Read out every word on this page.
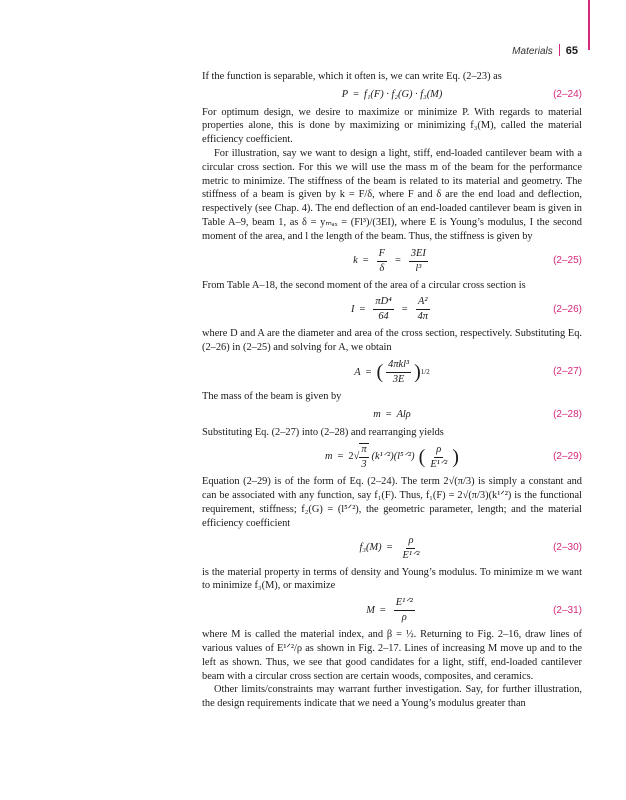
Materials 65

If the function is separable, which it often is, we can write Eq. (2–23) as

P = f₁(F) · f₂(G) · f₃(M)	(2–24)

For optimum design, we desire to maximize or minimize P. With regards to material properties alone, this is done by maximizing or minimizing f₃(M), called the material efficiency coefficient.

For illustration, say we want to design a light, stiff, end-loaded cantilever beam with a circular cross section. For this we will use the mass m of the beam for the performance metric to minimize. The stiffness of the beam is related to its material and geometry. The stiffness of a beam is given by k = F/δ, where F and δ are the end load and deflection, respectively (see Chap. 4). The end deflection of an end-loaded cantilever beam is given in Table A–9, beam 1, as δ = yₘₐₓ = (Fl³)/(3EI), where E is Young’s modulus, I the second moment of the area, and l the length of the beam. Thus, the stiffness is given by

$k = \frac{F}{\delta} = \frac{3EI}{\text{l³}}$	(2–25)

From Table A–18, the second moment of the area of a circular cross section is

$I = \frac{\text{πD⁴}}{64} = \frac{\text{A²}}{4\pi}$	(2–26)

where D and A are the diameter and area of the cross section, respectively. Substituting Eq. (2–26) in (2–25) and solving for A, we obtain

A = ( $\frac{\text{4πkl³}}{3E}$ ) 1/2	(2–27)

The mass of the beam is given by

m = Alρ	(2–28)

Substituting Eq. (2–27) into (2–28) and rearranging yields

$m = 2√ \frac{\pi}{3}$ (k¹ᐟ²)(l⁵ᐟ²) ( $\frac{\rho}{\text{E¹ᐟ²}}$ )	(2–29)

Equation (2–29) is of the form of Eq. (2–24). The term 2√(π/3) is simply a constant and can be associated with any function, say f₁(F). Thus, f₁(F) = 2√(π/3)(k¹ᐟ²) is the functional requirement, stiffness; f₂(G) = (l⁵ᐟ²), the geometric parameter, length; and the material efficiency coefficient

$f_3(M) = \frac{\rho}{\text{E¹ᐟ²}}$	(2–30)

is the material property in terms of density and Young’s modulus. To minimize m we want to minimize f₃(M), or maximize

$M = \frac{\text{E¹ᐟ²}}{\rho}$	(2–31)

where M is called the material index, and β = ½. Returning to Fig. 2–16, draw lines of various values of E¹ᐟ²/ρ as shown in Fig. 2–17. Lines of increasing M move up and to the left as shown. Thus, we see that good candidates for a light, stiff, end-loaded cantilever beam with a circular cross section are certain woods, composites, and ceramics.

Other limits/constraints may warrant further investigation. Say, for further illustration, the design requirements indicate that we need a Young’s modulus greater than
